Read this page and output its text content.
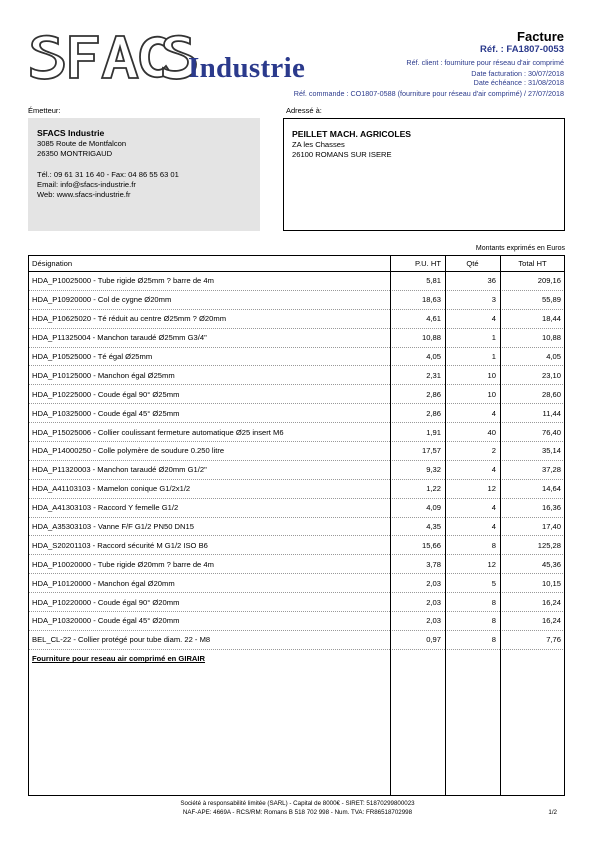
Industrie
Facture
Réf. : FA1807-0053
Réf. client : fourniture pour réseau d'air comprimé
Date facturation : 30/07/2018
Date échéance : 31/08/2018
Réf. commande : CO1807-0588 (fourniture pour réseau d'air comprimé) / 27/07/2018
Émetteur:	Adressé à:
SFACS Industrie
3085 Route de Montfalcon
26350 MONTRIGAUD
Tél.: 09 61 31 16 40 - Fax: 04 86 55 63 01
Email: info@sfacs-industrie.fr
Web: www.sfacs-industrie.fr
PEILLET MACH. AGRICOLES
ZA les Chasses
26100 ROMANS SUR ISERE
Montants exprimés en Euros
Désignation	P.U. HT	Qté	Total HT
HDA_P10025000 - Tube rigide Ø25mm ? barre de 4m	5,81	36	209,16
HDA_P10920000 - Col de cygne Ø20mm	18,63	3	55,89
HDA_P10625020 - Té réduit au centre Ø25mm ? Ø20mm	4,61	4	18,44
HDA_P11325004 - Manchon taraudé Ø25mm G3/4"	10,88	1	10,88
HDA_P10525000 - Té égal Ø25mm	4,05	1	4,05
HDA_P10125000 - Manchon égal Ø25mm	2,31	10	23,10
HDA_P10225000 - Coude égal 90° Ø25mm	2,86	10	28,60
HDA_P10325000 - Coude égal 45° Ø25mm	2,86	4	11,44
HDA_P15025006 - Collier coulissant fermeture automatique Ø25 insert M6	1,91	40	76,40
HDA_P14000250 - Colle polymère de soudure 0.250 litre	17,57	2	35,14
HDA_P11320003 - Manchon taraudé Ø20mm G1/2"	9,32	4	37,28
HDA_A41103103 - Mamelon conique G1/2x1/2	1,22	12	14,64
HDA_A41303103 - Raccord Y femelle G1/2	4,09	4	16,36
HDA_A35303103 - Vanne F/F G1/2 PN50 DN15	4,35	4	17,40
HDA_S20201103 - Raccord sécurité M G1/2 ISO B6	15,66	8	125,28
HDA_P10020000 - Tube rigide Ø20mm ? barre de 4m	3,78	12	45,36
HDA_P10120000 - Manchon égal Ø20mm	2,03	5	10,15
HDA_P10220000 - Coude égal 90° Ø20mm	2,03	8	16,24
HDA_P10320000 - Coude égal 45° Ø20mm	2,03	8	16,24
BEL_CL-22 - Collier protégé pour tube diam. 22 - M8	0,97	8	7,76
Fourniture pour reseau air comprimé en GIRAIR			
Société à responsabilité limitée (SARL) - Capital de 8000€ - SIRET: 51870299800023
NAF-APE: 4669A - RCS/RM: Romans B 518 702 998 - Num. TVA: FR86518702998	1/2
